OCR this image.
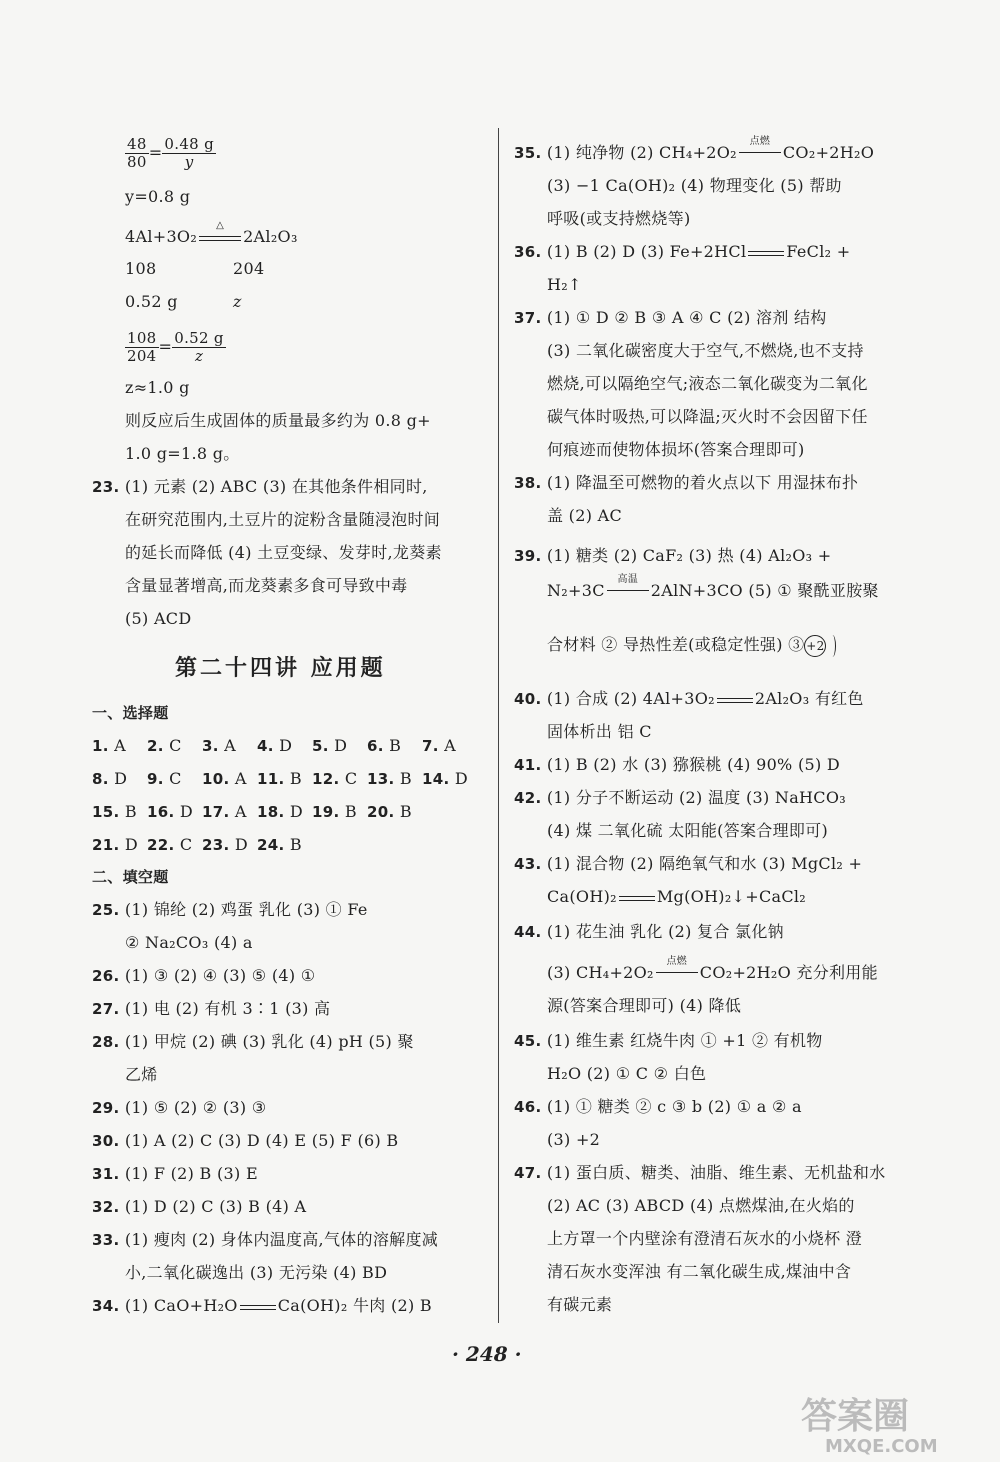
$\frac{48}{80} = \frac{0.48 g}{y}$
y=0.8 g
4Al+3O₂
△
2Al₂O₃
108	204
0.52 g	z
$\frac{108}{204} = \frac{0.52 g}{z}$
z≈1.0 g
则反应后生成固体的质量最多约为 0.8 g+
1.0 g=1.8 g。
23. (1) 元素 (2) ABC (3) 在其他条件相同时,
在研究范围内,土豆片的淀粉含量随浸泡时间
的延长而降低 (4) 土豆变绿、发芽时,龙葵素
含量显著增高,而龙葵素多食可导致中毒
(5) ACD
第二十四讲 应用题
一、选择题
1. A 2. C 3. A 4. D 5. D 6. B 7. A
8. D 9. C 10. A 11. B 12. C 13. B 14. D
15. B 16. D 17. A 18. D 19. B 20. B
21. D 22. C 23. D 24. B
二、填空题
25. (1) 锦纶 (2) 鸡蛋 乳化 (3) ① Fe
② Na₂CO₃ (4) a
26. (1) ③ (2) ④ (3) ⑤ (4) ①
27. (1) 电 (2) 有机 3∶1 (3) 高
28. (1) 甲烷 (2) 碘 (3) 乳化 (4) pH (5) 聚
乙烯
29. (1) ⑤ (2) ② (3) ③
30. (1) A (2) C (3) D (4) E (5) F (6) B
31. (1) F (2) B (3) E
32. (1) D (2) C (3) B (4) A
33. (1) 瘦肉 (2) 身体内温度高,气体的溶解度减
小,二氧化碳逸出 (3) 无污染 (4) BD
34. (1) CaO+H₂O	Ca(OH)₂ 牛肉 (2) B
35. (1) 纯净物 (2) CH₄+2O₂
点燃
CO₂+2H₂O
(3) −1 Ca(OH)₂ (4) 物理变化 (5) 帮助
呼吸(或支持燃烧等)
36. (1) B (2) D (3) Fe+2HCl	FeCl₂ +
H₂↑
37. (1) ① D ② B ③ A ④ C (2) 溶剂 结构
(3) 二氧化碳密度大于空气,不燃烧,也不支持
燃烧,可以隔绝空气;液态二氧化碳变为二氧化
碳气体时吸热,可以降温;灭火时不会因留下任
何痕迹而使物体损坏(答案合理即可)
38. (1) 降温至可燃物的着火点以下 用湿抹布扑
盖 (2) AC
39. (1) 糖类 (2) CaF₂ (3) 热 (4) Al₂O₃ +
N₂+3C
高温
2AlN+3CO (5) ① 聚酰亚胺聚
合材料 ② 导热性差(或稳定性强) ③ +2
40. (1) 合成 (2) 4Al+3O₂	2Al₂O₃ 有红色
固体析出 铝 C
41. (1) B (2) 水 (3) 猕猴桃 (4) 90% (5) D
42. (1) 分子不断运动 (2) 温度 (3) NaHCO₃
(4) 煤 二氧化硫 太阳能(答案合理即可)
43. (1) 混合物 (2) 隔绝氧气和水 (3) MgCl₂ +
Ca(OH)₂	Mg(OH)₂↓+CaCl₂
44. (1) 花生油 乳化 (2) 复合 氯化钠
(3) CH₄+2O₂
点燃
CO₂+2H₂O 充分利用能
源(答案合理即可) (4) 降低
45. (1) 维生素 红烧牛肉 ① +1 ② 有机物
H₂O (2) ① C ② 白色
46. (1) ① 糖类 ② c ③ b (2) ① a ② a
(3) +2
47. (1) 蛋白质、糖类、油脂、维生素、无机盐和水
(2) AC (3) ABCD (4) 点燃煤油,在火焰的
上方罩一个内壁涂有澄清石灰水的小烧杯 澄
清石灰水变浑浊 有二氧化碳生成,煤油中含
有碳元素
· 248 ·
答案圈
MXQE.COM
